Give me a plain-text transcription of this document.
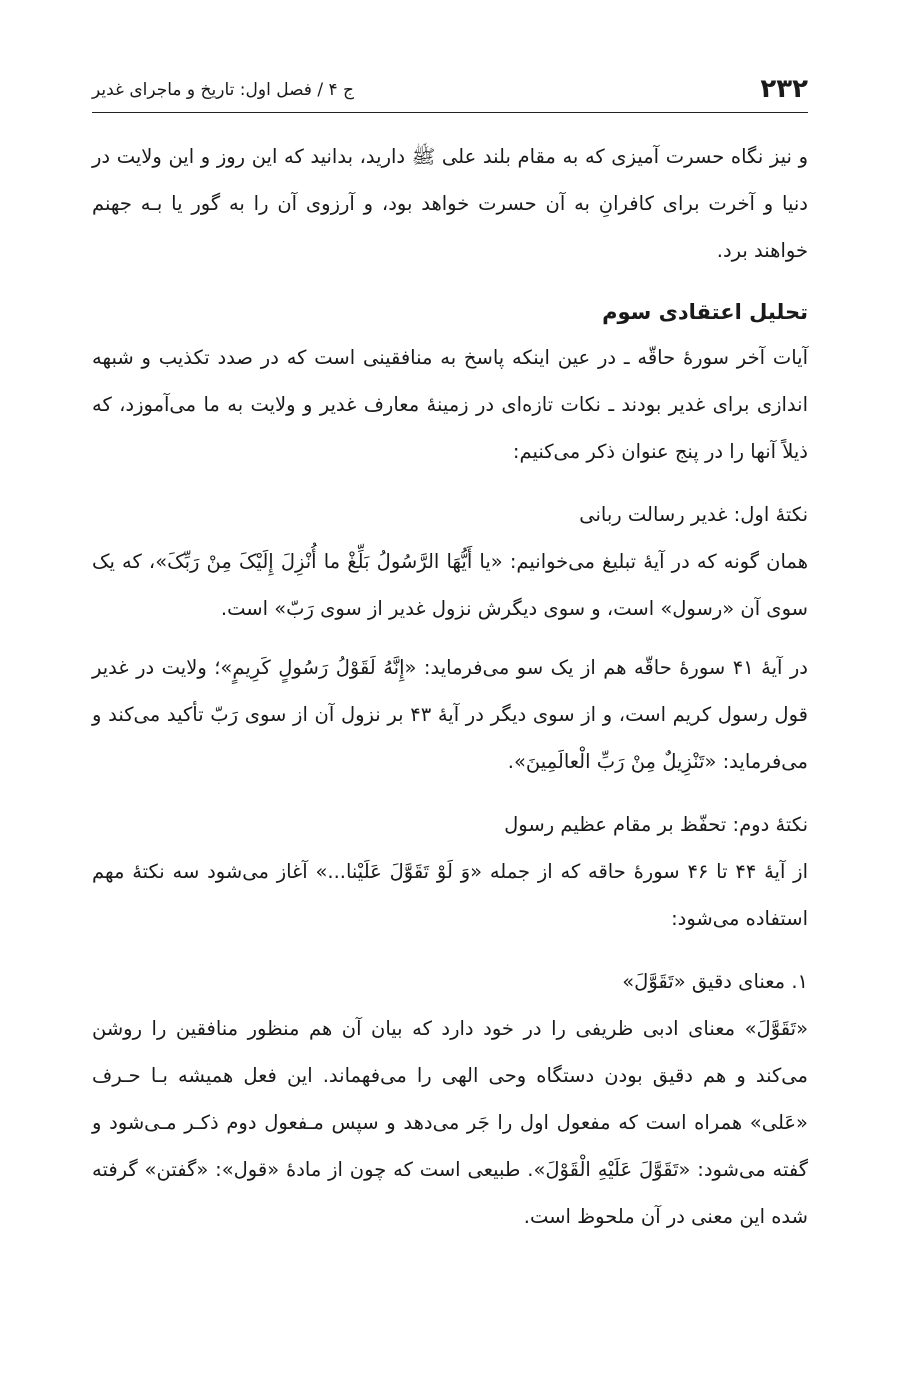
۲۳۲
ج ۴ / فصل اول: تاریخ و ماجرای غدیر

و نیز نگاه حسرت آمیزی که به مقام بلند علی ﷺ دارید، بدانید که این روز و این ولایت در دنیا و آخرت برای کافرانِ به آن حسرت خواهد بود، و آرزوی آن را به گور یا بـه جهنم خواهند برد.

تحلیل اعتقادی سوم

آیات آخر سورهٔ حاقّه ـ در عین اینکه پاسخ به منافقینی است که در صدد تکذیب و شبهه اندازی برای غدیر بودند ـ نکات تازه‌ای در زمینهٔ معارف غدیر و ولایت به ما می‌آموزد، که ذیلاً آنها را در پنج عنوان ذکر می‌کنیم:

نکتهٔ اول: غدیر رسالت ربانی

همان گونه که در آیهٔ تبلیغ می‌خوانیم: «یا أَیُّهَا الرَّسُولُ بَلِّغْ ما أُنْزِلَ إِلَیْکَ مِنْ رَبِّکَ»، که یک سوی آن «رسول» است، و سوی دیگرش نزول غدیر از سوی رَبّ» است.

در آیهٔ ۴۱ سورهٔ حاقّه هم از یک سو می‌فرماید: «إِنَّهُ لَقَوْلُ رَسُولٍ کَرِیمٍ»؛ ولایت در غدیر قول رسول کریم است، و از سوی دیگر در آیهٔ ۴۳ بر نزول آن از سوی رَبّ تأکید می‌کند و می‌فرماید: «تَنْزِیلٌ مِنْ رَبِّ الْعالَمِینَ».

نکتهٔ دوم: تحفّظ بر مقام عظیم رسول

از آیهٔ ۴۴ تا ۴۶ سورهٔ حاقه که از جمله «وَ لَوْ تَقَوَّلَ عَلَیْنا...» آغاز می‌شود سه نکتهٔ مهم استفاده می‌شود:

۱. معنای دقیق «تَقَوَّلَ»

«تَقَوَّلَ» معنای ادبی ظریفی را در خود دارد که بیان آن هم منظور منافقین را روشن می‌کند و هم دقیق بودن دستگاه وحی الهی را می‌فهماند. این فعل همیشه بـا حـرف «عَلی» همراه است که مفعول اول را جَر می‌دهد و سپس مـفعول دوم ذکـر مـی‌شود و گفته می‌شود: «تَقَوَّلَ عَلَیْهِ الْقَوْلَ». طبیعی است که چون از مادهٔ «قول»: «گفتن» گرفته شده این معنی در آن ملحوظ است.
